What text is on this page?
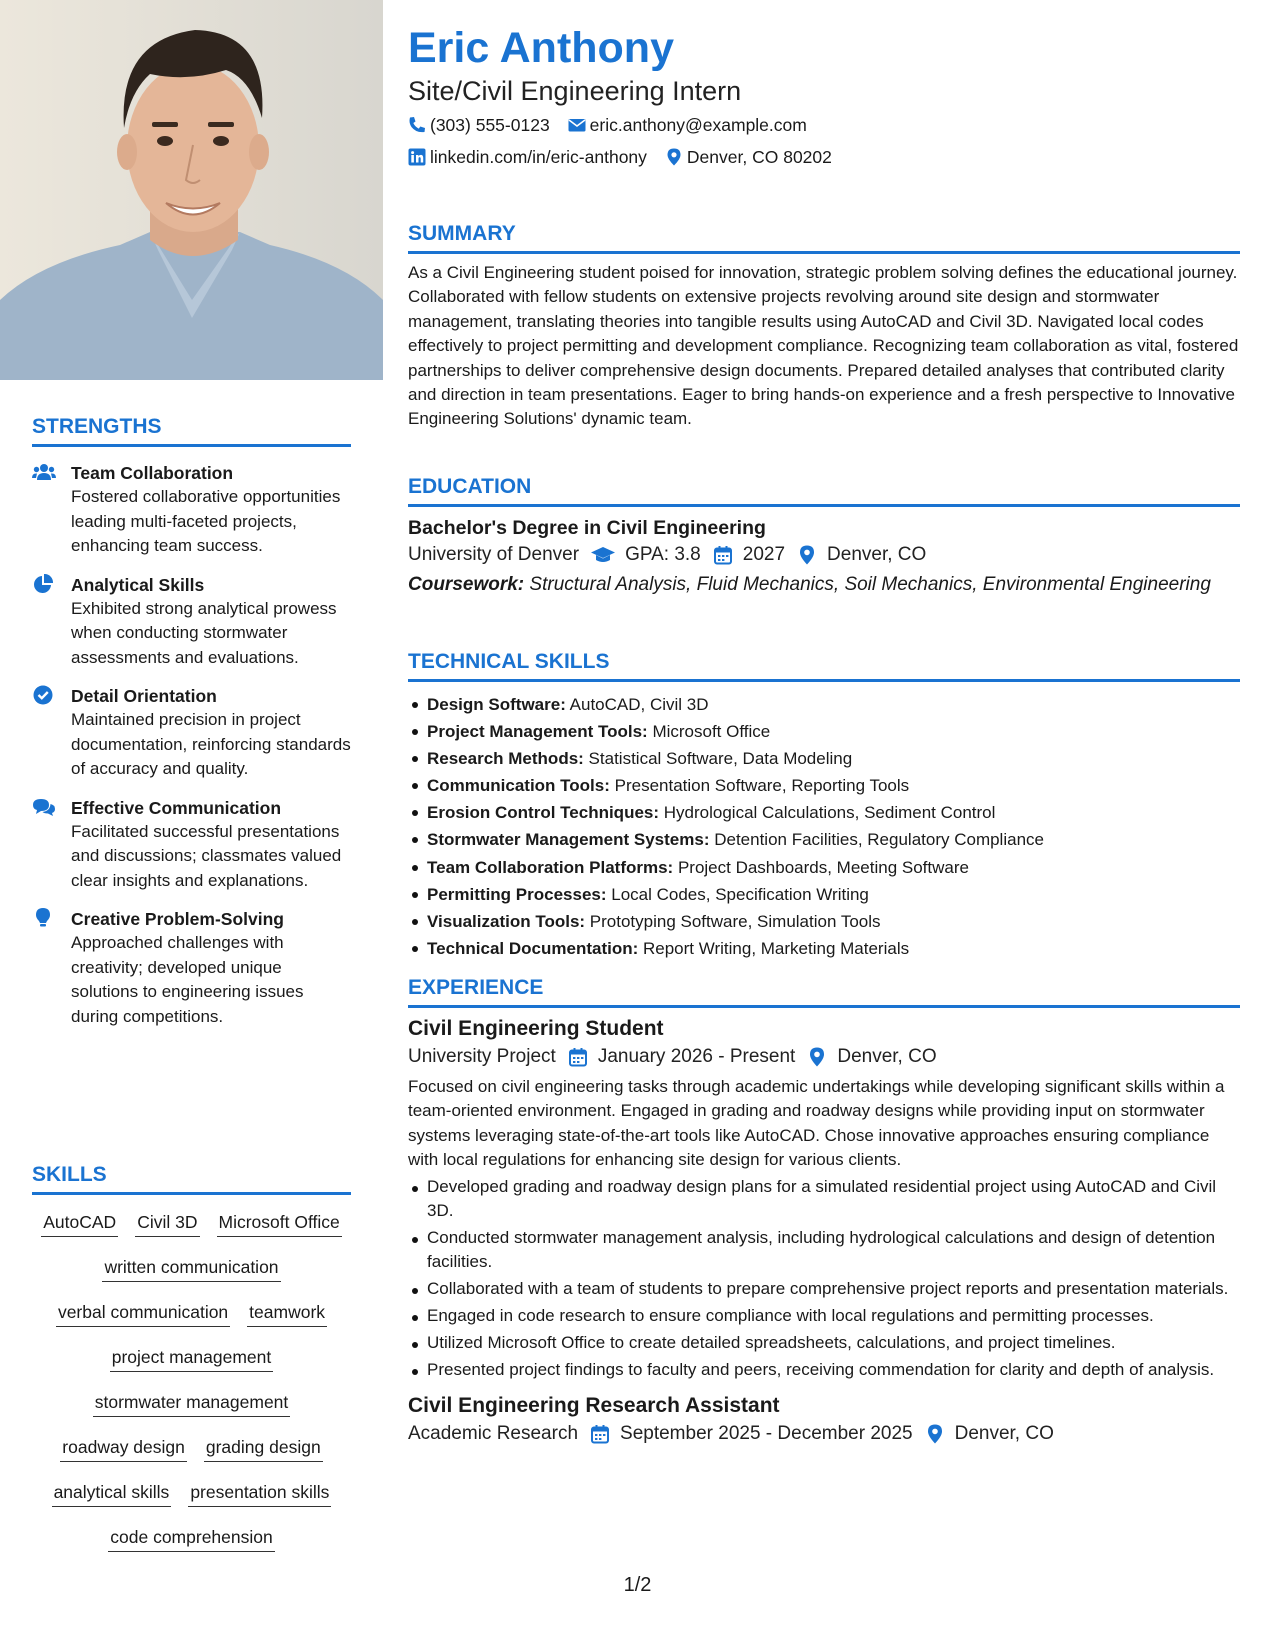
STRENGTHS
Team Collaboration
Fostered collaborative opportunities leading multi-faceted projects, enhancing team success.
Analytical Skills
Exhibited strong analytical prowess when conducting stormwater assessments and evaluations.
Detail Orientation
Maintained precision in project documentation, reinforcing standards of accuracy and quality.
Effective Communication
Facilitated successful presentations and discussions; classmates valued clear insights and explanations.
Creative Problem-Solving
Approached challenges with creativity; developed unique solutions to engineering issues during competitions.
SKILLS
AutoCAD Civil 3D Microsoft Office
written communication
verbal communication teamwork
project management
stormwater management
roadway design grading design
analytical skills presentation skills
code comprehension
Eric Anthony
Site/Civil Engineering Intern
(303) 555-0123 eric.anthony@example.com
linkedin.com/in/eric-anthony Denver, CO 80202
SUMMARY
As a Civil Engineering student poised for innovation, strategic problem solving defines the educational journey. Collaborated with fellow students on extensive projects revolving around site design and stormwater management, translating theories into tangible results using AutoCAD and Civil 3D. Navigated local codes effectively to project permitting and development compliance. Recognizing team collaboration as vital, fostered partnerships to deliver comprehensive design documents. Prepared detailed analyses that contributed clarity and direction in team presentations. Eager to bring hands-on experience and a fresh perspective to Innovative Engineering Solutions' dynamic team.
EDUCATION
Bachelor's Degree in Civil Engineering
University of Denver GPA: 3.8 2027 Denver, CO
Coursework: Structural Analysis, Fluid Mechanics, Soil Mechanics, Environmental Engineering
TECHNICAL SKILLS
Design Software: AutoCAD, Civil 3D
Project Management Tools: Microsoft Office
Research Methods: Statistical Software, Data Modeling
Communication Tools: Presentation Software, Reporting Tools
Erosion Control Techniques: Hydrological Calculations, Sediment Control
Stormwater Management Systems: Detention Facilities, Regulatory Compliance
Team Collaboration Platforms: Project Dashboards, Meeting Software
Permitting Processes: Local Codes, Specification Writing
Visualization Tools: Prototyping Software, Simulation Tools
Technical Documentation: Report Writing, Marketing Materials
EXPERIENCE
Civil Engineering Student
University Project January 2026 - Present Denver, CO
Focused on civil engineering tasks through academic undertakings while developing significant skills within a team-oriented environment. Engaged in grading and roadway designs while providing input on stormwater systems leveraging state-of-the-art tools like AutoCAD. Chose innovative approaches ensuring compliance with local regulations for enhancing site design for various clients.
Developed grading and roadway design plans for a simulated residential project using AutoCAD and Civil 3D.
Conducted stormwater management analysis, including hydrological calculations and design of detention facilities.
Collaborated with a team of students to prepare comprehensive project reports and presentation materials.
Engaged in code research to ensure compliance with local regulations and permitting processes.
Utilized Microsoft Office to create detailed spreadsheets, calculations, and project timelines.
Presented project findings to faculty and peers, receiving commendation for clarity and depth of analysis.
Civil Engineering Research Assistant
Academic Research September 2025 - December 2025 Denver, CO
1/2
